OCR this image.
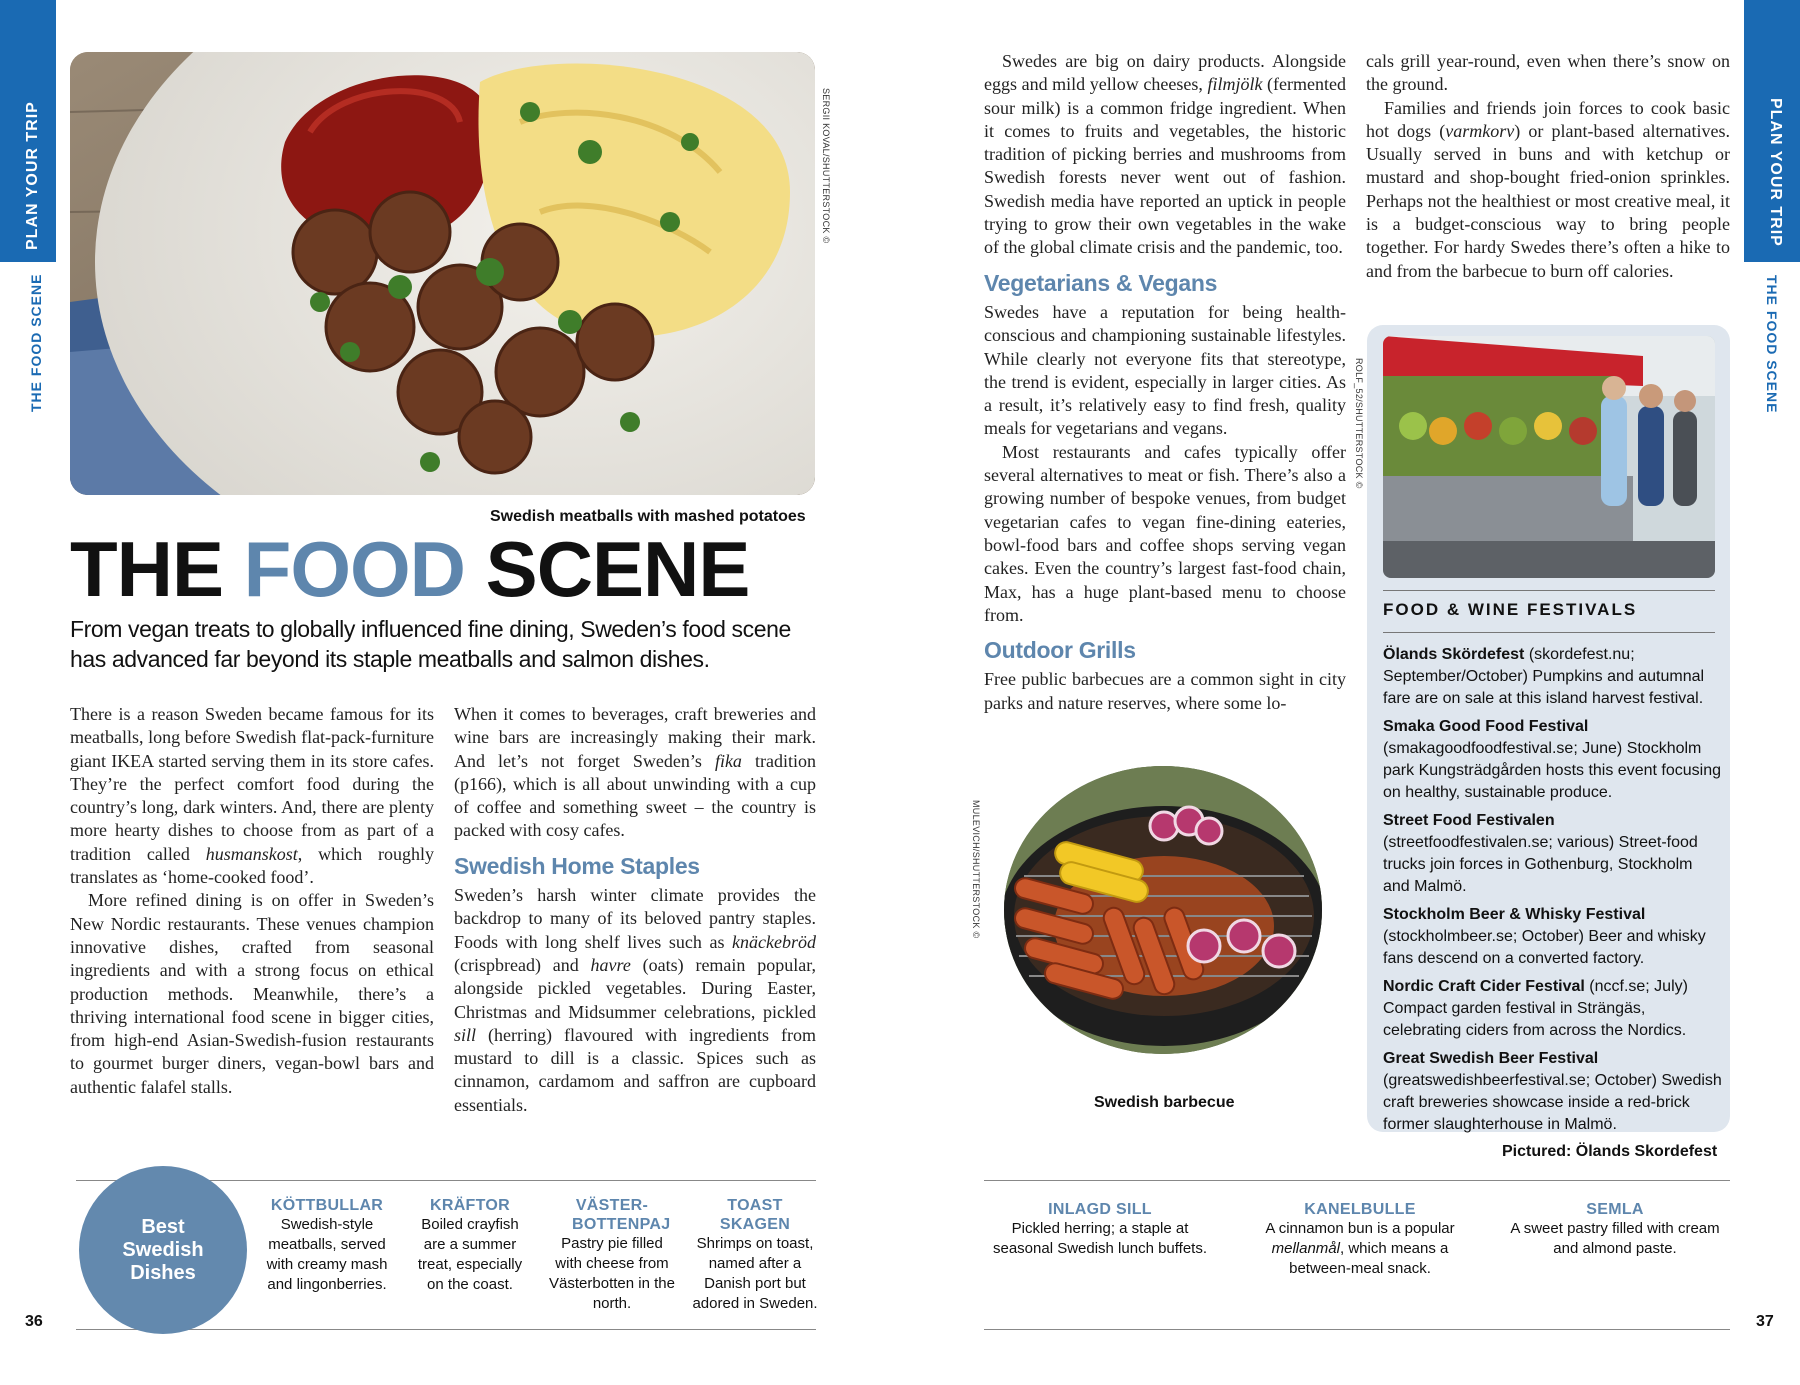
PLAN YOUR TRIP
THE FOOD SCENE
PLAN YOUR TRIP
THE FOOD SCENE
SERGII KOVAL/SHUTTERSTOCK ©
Swedish meatballs with mashed potatoes
THE FOOD SCENE
From vegan treats to globally influenced fine dining, Sweden’s food scene has advanced far beyond its staple meatballs and salmon dishes.

There is a reason Sweden became famous for its meatballs, long before Swedish flat-pack-furniture giant IKEA started serving them in its store cafes. They’re the perfect comfort food during the country’s long, dark winters. And, there are plenty more hearty dishes to choose from as part of a tradition called husmanskost, which roughly translates as ‘home-cooked food’.

More refined dining is on offer in Sweden’s New Nordic restaurants. These venues champion innovative dishes, crafted from seasonal ingredients and with a strong focus on ethical production methods. Meanwhile, there’s a thriving international food scene in bigger cities, from high-end Asian-Swedish-fusion restaurants to gourmet burger diners, vegan-bowl bars and authentic falafel stalls.

When it comes to beverages, craft breweries and wine bars are increasingly making their mark. And let’s not forget Sweden’s fika tradition (p166), which is all about unwinding with a cup of coffee and something sweet – the country is packed with cosy cafes.

Swedish Home Staples

Sweden’s harsh winter climate provides the backdrop to many of its beloved pantry staples. Foods with long shelf lives such as knäckebröd (crispbread) and havre (oats) remain popular, alongside pickled vegetables. During Easter, Christmas and Midsummer celebrations, pickled sill (herring) flavoured with ingredients from mustard to dill is a classic. Spices such as cinnamon, cardamom and saffron are cupboard essentials.

Swedes are big on dairy products. Alongside eggs and mild yellow cheeses, filmjölk (fermented sour milk) is a common fridge ingredient. When it comes to fruits and vegetables, the historic tradition of picking berries and mushrooms from Swedish forests never went out of fashion. Swedish media have reported an uptick in people trying to grow their own vegetables in the wake of the global climate crisis and the pandemic, too.

Vegetarians & Vegans

Swedes have a reputation for being health-conscious and championing sustainable lifestyles. While clearly not everyone fits that stereotype, the trend is evident, especially in larger cities. As a result, it’s relatively easy to find fresh, quality meals for vegetarians and vegans.

Most restaurants and cafes typically offer several alternatives to meat or fish. There’s also a growing number of bespoke venues, from budget vegetarian cafes to vegan fine-dining eateries, bowl-food bars and coffee shops serving vegan cakes. Even the country’s largest fast-food chain, Max, has a huge plant-based menu to choose from.

Outdoor Grills

Free public barbecues are a common sight in city parks and nature reserves, where some lo-

cals grill year-round, even when there’s snow on the ground.

Families and friends join forces to cook basic hot dogs (varmkorv) or plant-based alternatives. Usually served in buns and with ketchup or mustard and shop-bought fried-onion sprinkles. Perhaps not the healthiest or most creative meal, it is a budget-conscious way to bring people together. For hardy Swedes there’s often a hike to and from the barbecue to burn off calories.

MULEVICH/SHUTTERSTOCK ©
Swedish barbecue
ROLF_52/SHUTTERSTOCK ©
FOOD & WINE FESTIVALS
Ölands Skördefest (skordefest.nu; September/October) Pumpkins and autumnal fare are on sale at this island harvest festival.
Smaka Good Food Festival (smakagoodfoodfestival.se; June) Stockholm park Kungsträdgården hosts this event focusing on healthy, sustainable produce.
Street Food Festivalen (streetfoodfestivalen.se; various) Street-food trucks join forces in Gothenburg, Stockholm and Malmö.
Stockholm Beer & Whisky Festival (stockholmbeer.se; October) Beer and whisky fans descend on a converted factory.
Nordic Craft Cider Festival (nccf.se; July) Compact garden festival in Strängäs, celebrating ciders from across the Nordics.
Great Swedish Beer Festival (greatswedishbeerfestival.se; October) Swedish craft breweries showcase inside a red-brick former slaughterhouse in Malmö.
Pictured: Ölands Skordefest
Best
Swedish
Dishes
KÖTTBULLAR
Swedish-style meatballs, served with creamy mash and lingonberries.
KRÄFTOR
Boiled crayfish are a summer treat, especially on the coast.
VÄSTER-BOTTENPAJ
Pastry pie filled with cheese from Västerbotten in the north.
TOAST SKAGEN
Shrimps on toast, named after a Danish port but adored in Sweden.
INLAGD SILL
Pickled herring; a staple at seasonal Swedish lunch buffets.
KANELBULLE
A cinnamon bun is a popular mellanmål, which means a between-meal snack.
SEMLA
A sweet pastry filled with cream and almond paste.
36	37
